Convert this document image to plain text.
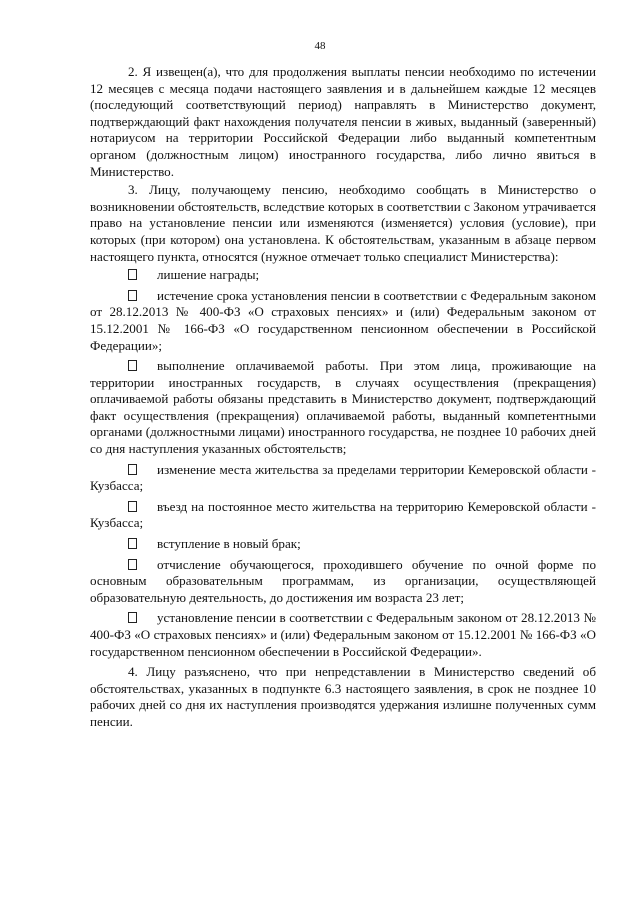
48

2. Я извещен(а), что для продолжения выплаты пенсии необходимо по истечении 12 месяцев с месяца подачи настоящего заявления и в дальнейшем каждые 12 месяцев (последующий соответствующий период) направлять в Министерство документ, подтверждающий факт нахождения получателя пенсии в живых, выданный (заверенный) нотариусом на территории Российской Федерации либо выданный компетентным органом (должностным лицом) иностранного государства, либо лично явиться в Министерство.

3. Лицу, получающему пенсию, необходимо сообщать в Министерство о возникновении обстоятельств, вследствие которых в соответствии с Законом утрачивается право на установление пенсии или изменяются (изменяется) условия (условие), при которых (при котором) она установлена. К обстоятельствам, указанным в абзаце первом настоящего пункта, относятся (нужное отмечает только специалист Министерства):

лишение награды;

истечение срока установления пенсии в соответствии с Федеральным законом от 28.12.2013 № 400-ФЗ «О страховых пенсиях» и (или) Федеральным законом от 15.12.2001 № 166-ФЗ «О государственном пенсионном обеспечении в Российской Федерации»;

выполнение оплачиваемой работы. При этом лица, проживающие на территории иностранных государств, в случаях осуществления (прекращения) оплачиваемой работы обязаны представить в Министерство документ, подтверждающий факт осуществления (прекращения) оплачиваемой работы, выданный компетентными органами (должностными лицами) иностранного государства, не позднее 10 рабочих дней со дня наступления указанных обстоятельств;

изменение места жительства за пределами территории Кемеровской области - Кузбасса;

въезд на постоянное место жительства на территорию Кемеровской области - Кузбасса;

вступление в новый брак;

отчисление обучающегося, проходившего обучение по очной форме по основным образовательным программам, из организации, осуществляющей образовательную деятельность, до достижения им возраста 23 лет;

установление пенсии в соответствии с Федеральным законом от 28.12.2013 № 400-ФЗ «О страховых пенсиях» и (или) Федеральным законом от 15.12.2001 № 166-ФЗ «О государственном пенсионном обеспечении в Российской Федерации».

4. Лицу разъяснено, что при непредставлении в Министерство сведений об обстоятельствах, указанных в подпункте 6.3 настоящего заявления, в срок не позднее 10 рабочих дней со дня их наступления производятся удержания излишне полученных сумм пенсии.
